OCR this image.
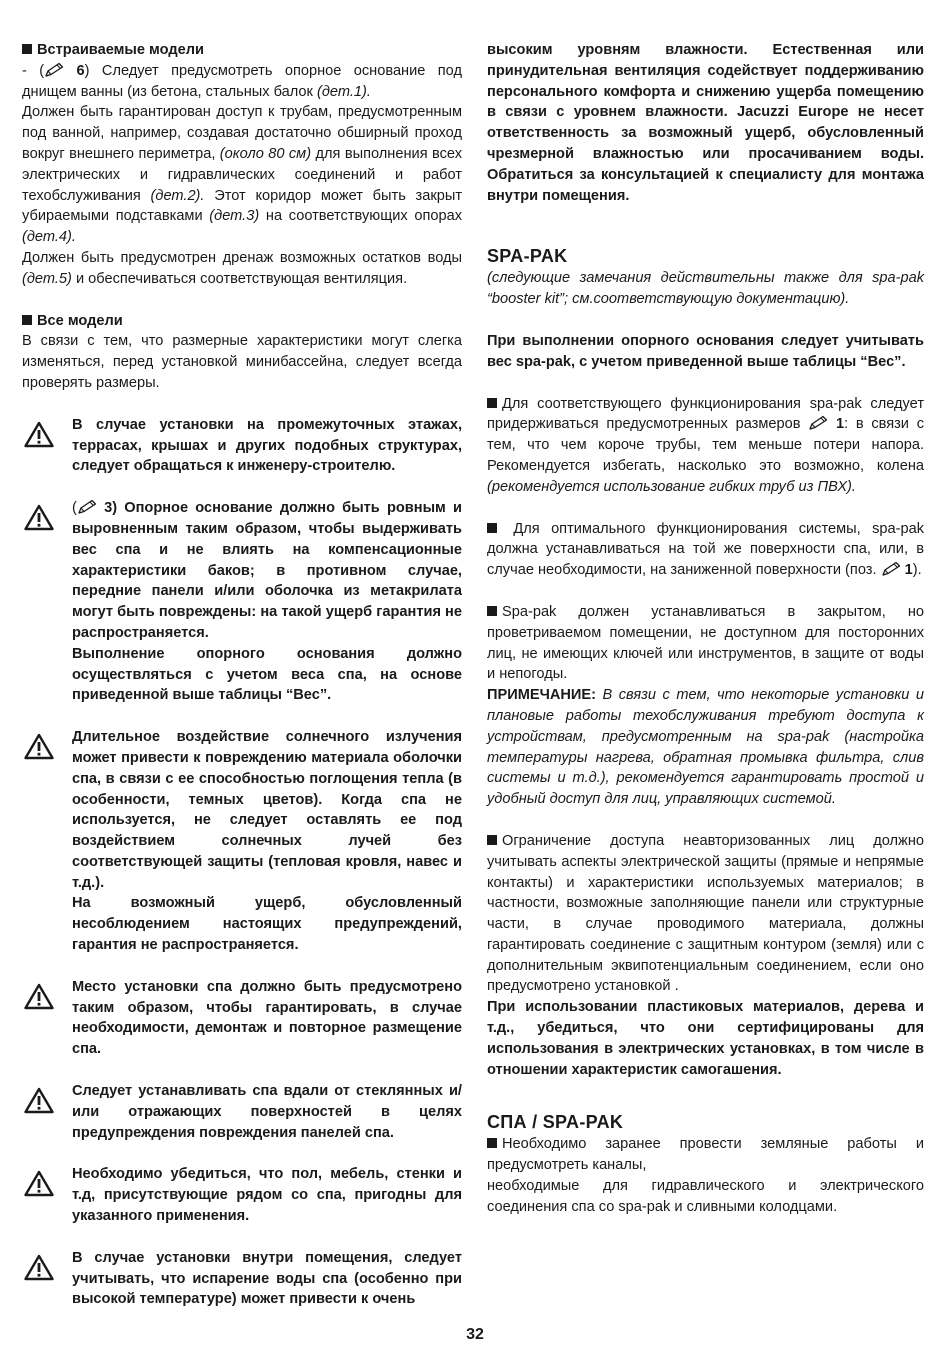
Встраиваемые модели

- ( 6) Следует предусмотреть опорное основание под днищем ванны (из бетона, стальных балок (дет.1).

Должен быть гарантирован доступ к трубам, предусмотренным под ванной, например, создавая достаточно обширный проход вокруг внешнего периметра, (около 80 см) для выполнения всех электрических и гидравлических соединений и работ техобслуживания (дет.2). Этот коридор может быть закрыт убираемыми подставками (дет.3) на соответствующих опорах (дет.4).

Должен быть предусмотрен дренаж возможных остатков воды (дет.5) и обеспечиваться соответствующая вентиляция.

Все модели

В связи с тем, что размерные характеристики могут слегка изменяться, перед установкой минибассейна, следует всегда проверять размеры.

В случае установки на промежуточных этажах, террасах, крышах и других подобных структурах, следует обращаться к инженеру-строителю.

( 3) Опорное основание должно быть ровным и выровненным таким образом, чтобы выдерживать вес спа и не влиять на компенсационные характеристики баков; в противном случае, передние панели и/или оболочка из метакрилата могут быть повреждены: на такой ущерб гарантия не распространяется.

Выполнение опорного основания должно осуществляться с учетом веса спа, на основе приведенной выше таблицы “Вес”.

Длительное воздействие солнечного излучения может привести к повреждению материала оболочки спа, в связи с ее способностью поглощения тепла (в особенности, темных цветов). Когда спа не используется, не следует оставлять ее под воздействием солнечных лучей без соответствующей защиты (тепловая кровля, навес и т.д.).

На возможный ущерб, обусловленный несоблюдением настоящих предупреждений, гарантия не распространяется.

Место установки спа должно быть предусмотрено таким образом, чтобы гарантировать, в случае необходимости, демонтаж и повторное размещение спа.

Следует устанавливать спа вдали от стеклянных и/или отражающих поверхностей в целях предупреждения повреждения панелей спа.

Необходимо убедиться, что пол, мебель, стенки и т.д, присутствующие рядом со спа, пригодны для указанного применения.

В случае установки внутри помещения, следует учитывать, что испарение воды спа (особенно при высокой температуре) может привести к очень

высоким уровням влажности. Естественная или принудительная вентиляция содействует поддерживанию персонального комфорта и снижению ущерба помещению в связи с уровнем влажности. Jacuzzi Europe не несет ответственность за возможный ущерб, обусловленный чрезмерной влажностью или просачиванием воды. Обратиться за консультацией к специалисту для монтажа внутри помещения.

SPA-PAK

(следующие замечания действительны также для spa-pak “booster kit”; см.соответствующую документацию).

При выполнении опорного основания следует учитывать вес spa-pak, с учетом приведенной выше таблицы “Вес”.

Для соответствующего функционирования spa-pak следует придерживаться предусмотренных размеров  1: в связи с тем, что чем короче трубы, тем меньше потери напора. Рекомендуется избегать, насколько это возможно, колена (рекомендуется использование гибких труб из ПВХ).

Для оптимального функционирования системы, spa-pak должна устанавливаться на той же поверхности спа, или, в случае необходимости, на заниженной поверхности (поз.  1).

Spa-pak должен устанавливаться в закрытом, но проветриваемом помещении, не доступном для посторонних лиц, не имеющих ключей или инструментов, в защите от воды и непогоды.

ПРИМЕЧАНИЕ: В связи с тем, что некоторые установки и плановые работы техобслуживания требуют доступа к устройствам, предусмотренным на spa-pak (настройка температуры нагрева, обратная промывка фильтра, слив системы и т.д.), рекомендуется гарантировать простой и удобный доступ для лиц, управляющих системой.

Ограничение доступа неавторизованных лиц должно учитывать аспекты электрической защиты (прямые и непрямые контакты) и характеристики используемых материалов; в частности, возможные заполняющие панели или структурные части, в случае проводимого материала, должны гарантировать соединение с защитным контуром (земля) или с дополнительным эквипотенциальным соединением, если оно предусмотрено установкой .

При использовании пластиковых материалов, дерева и т.д., убедиться, что они сертифицированы для использования в электрических установках, в том числе в отношении характеристик самогашения.

СПА / SPA-PAK

Необходимо заранее провести земляные работы и предусмотреть каналы,

необходимые для гидравлического и электрического соединения спа со spa-pak и сливными колодцами.

32
